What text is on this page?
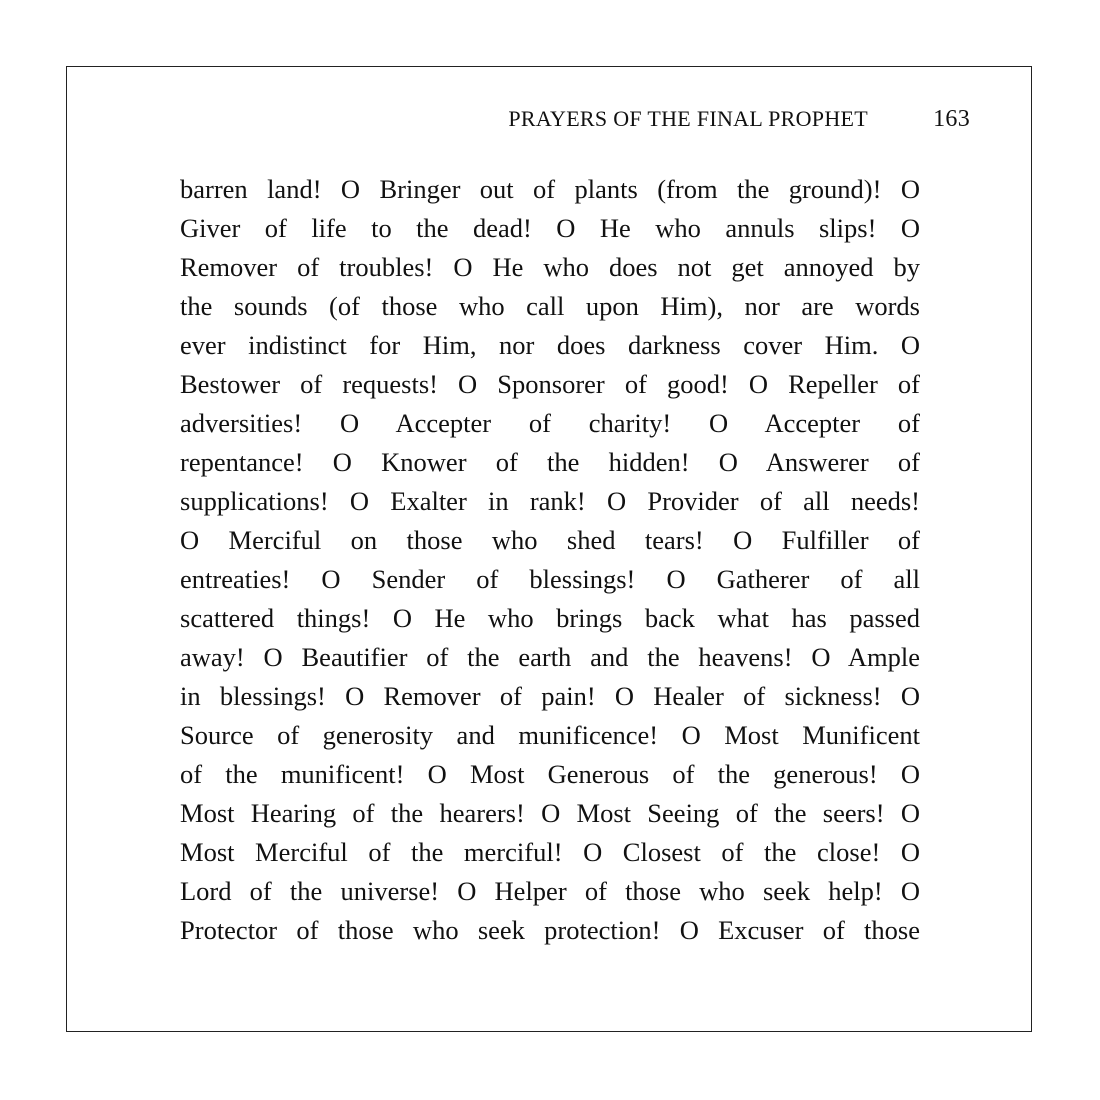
PRAYERS OF THE FINAL PROPHET	163
barren land! O Bringer out of plants (from the ground)! O
Giver of life to the dead! O He who annuls slips! O
Remover of troubles! O He who does not get annoyed by
the sounds (of those who call upon Him), nor are words
ever indistinct for Him, nor does darkness cover Him. O
Bestower of requests! O Sponsorer of good! O Repeller of
adversities! O Accepter of charity! O Accepter of
repentance! O Knower of the hidden! O Answerer of
supplications! O Exalter in rank! O Provider of all needs!
O Merciful on those who shed tears! O Fulfiller of
entreaties! O Sender of blessings! O Gatherer of all
scattered things! O He who brings back what has passed
away! O Beautifier of the earth and the heavens! O Ample
in blessings! O Remover of pain! O Healer of sickness! O
Source of generosity and munificence! O Most Munificent
of the munificent! O Most Generous of the generous! O
Most Hearing of the hearers! O Most Seeing of the seers! O
Most Merciful of the merciful! O Closest of the close! O
Lord of the universe! O Helper of those who seek help! O
Protector of those who seek protection! O Excuser of those
